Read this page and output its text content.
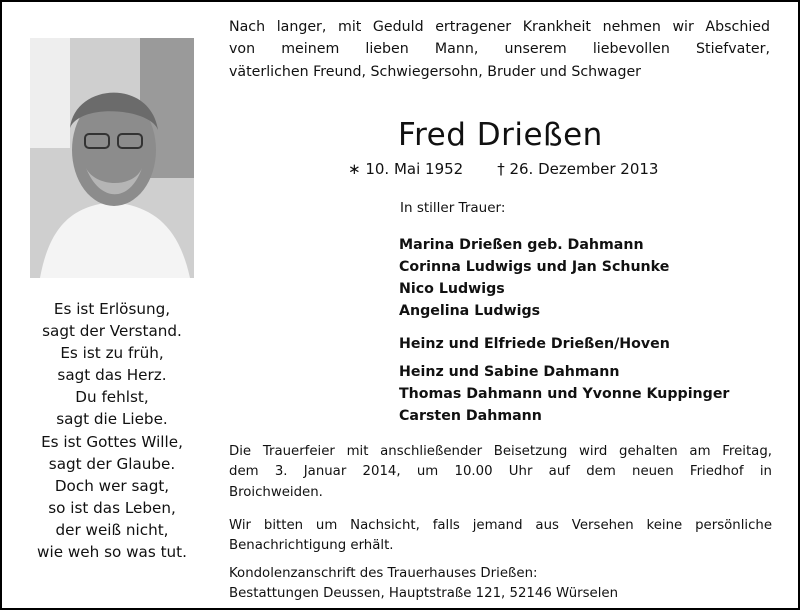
Es ist Erlösung,
sagt der Verstand.
Es ist zu früh,
sagt das Herz.
Du fehlst,
sagt die Liebe.
Es ist Gottes Wille,
sagt der Glaube.
Doch wer sagt,
so ist das Leben,
der weiß nicht,
wie weh so was tut.
Nach langer, mit Geduld ertragener Krankheit nehmen wir Abschied
von meinem lieben Mann, unserem liebevollen Stiefvater,
väterlichen Freund, Schwiegersohn, Bruder und Schwager
Fred Drießen
∗ 10. Mai 1952 † 26. Dezember 2013
In stiller Trauer:
Marina Drießen geb. Dahmann
Corinna Ludwigs und Jan Schunke
Nico Ludwigs
Angelina Ludwigs
Heinz und Elfriede Drießen/Hoven
Heinz und Sabine Dahmann
Thomas Dahmann und Yvonne Kuppinger
Carsten Dahmann
Die Trauerfeier mit anschließender Beisetzung wird gehalten am Freitag,
dem 3. Januar 2014, um 10.00 Uhr auf dem neuen Friedhof in
Broichweiden.
Wir bitten um Nachsicht, falls jemand aus Versehen keine persönliche
Benachrichtigung erhält.
Kondolenzanschrift des Trauerhauses Drießen:
Bestattungen Deussen, Hauptstraße 121, 52146 Würselen
